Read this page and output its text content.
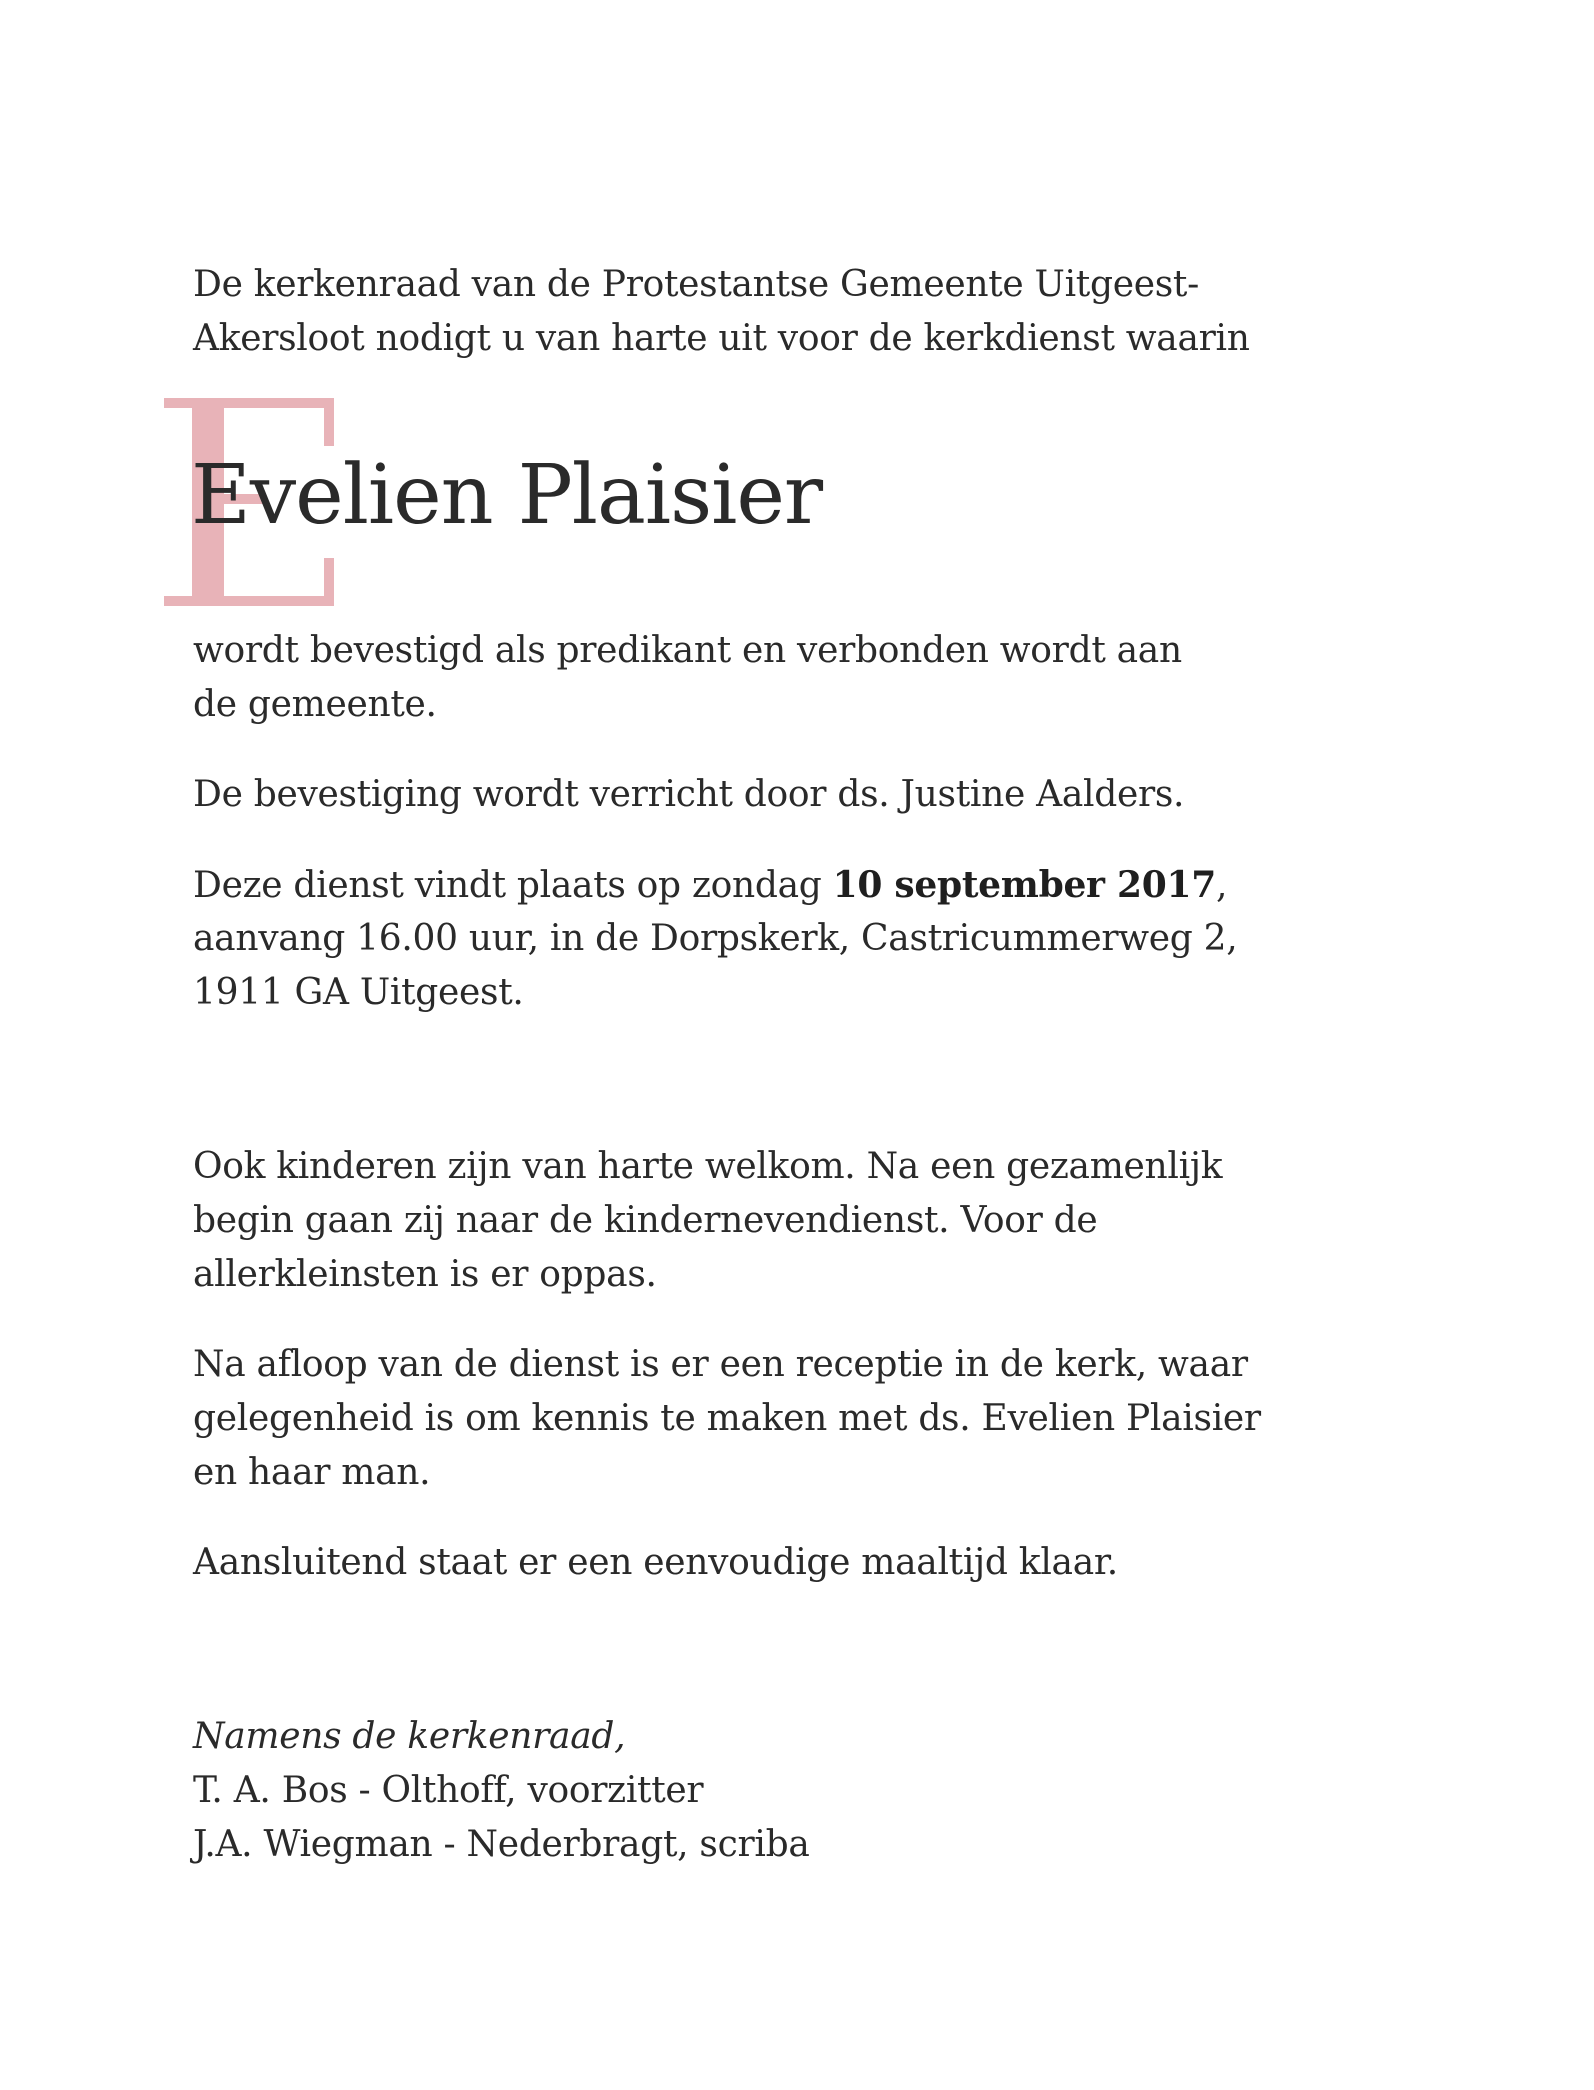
De kerkenraad van de Protestantse Gemeente Uitgeest-

Akersloot nodigt u van harte uit voor de kerkdienst waarin

Evelien Plaisier

wordt bevestigd als predikant en verbonden wordt aan

de gemeente.

De bevestiging wordt verricht door ds. Justine Aalders.

Deze dienst vindt plaats op zondag 10 september 2017,

aanvang 16.00 uur, in de Dorpskerk, Castricummerweg 2,

1911 GA Uitgeest.

Ook kinderen zijn van harte welkom. Na een gezamenlijk

begin gaan zij naar de kindernevendienst. Voor de

allerkleinsten is er oppas.

Na afloop van de dienst is er een receptie in de kerk, waar

gelegenheid is om kennis te maken met ds. Evelien Plaisier

en haar man.

Aansluitend staat er een eenvoudige maaltijd klaar.

Namens de kerkenraad,

T. A. Bos - Olthoff, voorzitter

J.A. Wiegman - Nederbragt, scriba
